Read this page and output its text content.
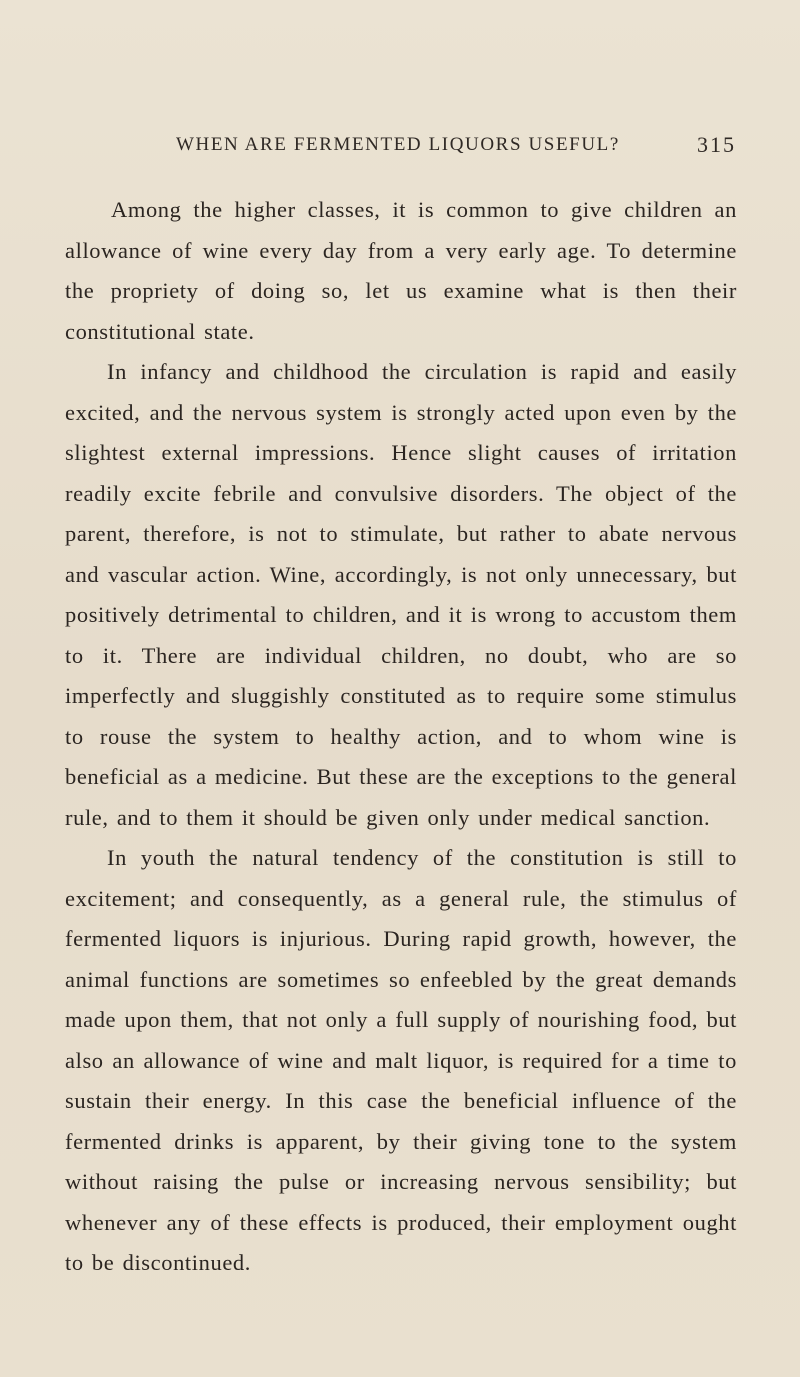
WHEN ARE FERMENTED LIQUORS USEFUL?	315

Among the higher classes, it is common to give children an allowance of wine every day from a very early age. To determine the propriety of doing so, let us examine what is then their constitutional state.

In infancy and childhood the circulation is rapid and easily excited, and the nervous system is strongly acted upon even by the slightest external impressions. Hence slight causes of irritation readily excite febrile and convulsive disorders. The object of the parent, therefore, is not to stimulate, but rather to abate nervous and vascular action. Wine, accordingly, is not only unnecessary, but positively detrimental to children, and it is wrong to accustom them to it. There are individual children, no doubt, who are so imperfectly and sluggishly constituted as to require some stimulus to rouse the system to healthy action, and to whom wine is beneficial as a medicine. But these are the exceptions to the general rule, and to them it should be given only under medical sanction.

In youth the natural tendency of the constitution is still to excitement; and consequently, as a general rule, the stimulus of fermented liquors is injurious. During rapid growth, however, the animal functions are sometimes so enfeebled by the great demands made upon them, that not only a full supply of nourishing food, but also an allowance of wine and malt liquor, is required for a time to sustain their energy. In this case the beneficial influence of the fermented drinks is apparent, by their giving tone to the system without raising the pulse or increasing nervous sensibility; but whenever any of these effects is produced, their employment ought to be discontinued.
